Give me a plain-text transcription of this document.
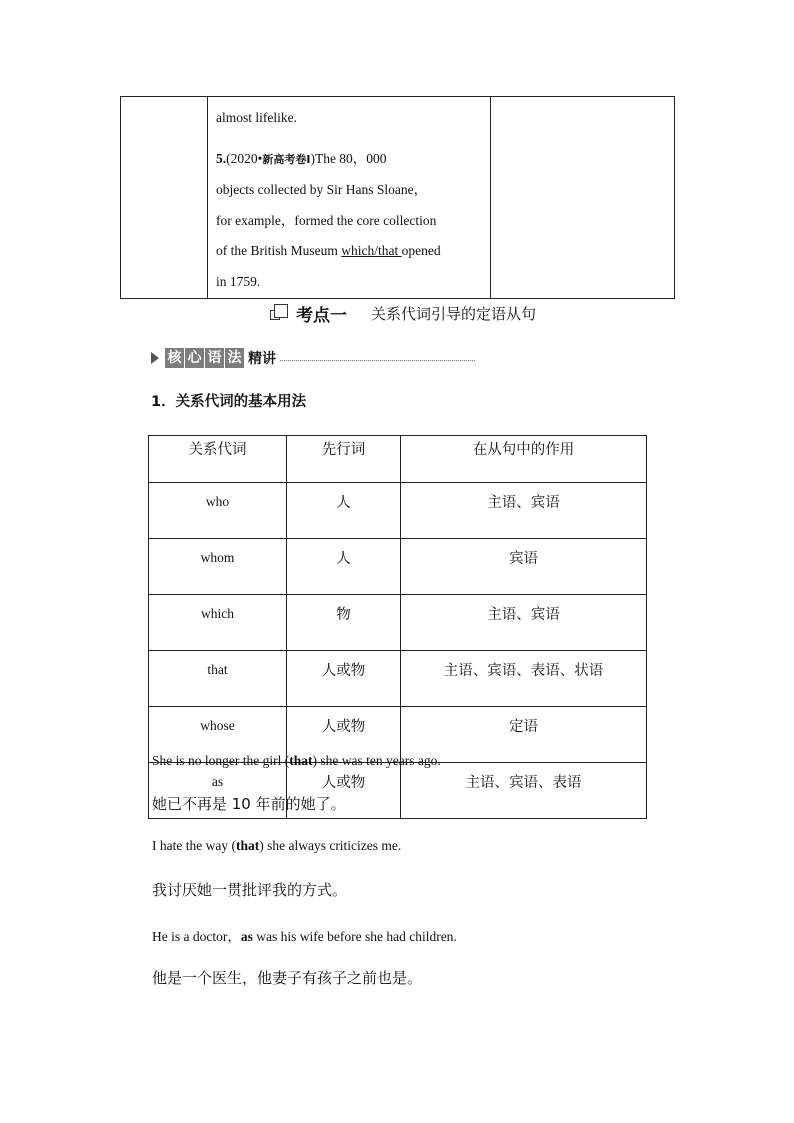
almost lifelike.

5.(2020•新高考卷Ⅰ)The 80，000

objects collected by Sir Hans Sloane，

for example，formed the core collection

of the British Museum which/that opened

in 1759.

考点一 关系代词引导的定语从句
核 心 语 法 精讲
1．关系代词的基本用法
关系代词	先行词	在从句中的作用
who	人	主语、宾语
whom	人	宾语
which	物	主语、宾语
that	人或物	主语、宾语、表语、状语
whose	人或物	定语
as	人或物	主语、宾语、表语
She is no longer the girl (that) she was ten years ago.
她已不再是 10 年前的她了。
I hate the way (that) she always criticizes me.
我讨厌她一贯批评我的方式。
He is a doctor，as was his wife before she had children.
他是一个医生，他妻子有孩子之前也是。
